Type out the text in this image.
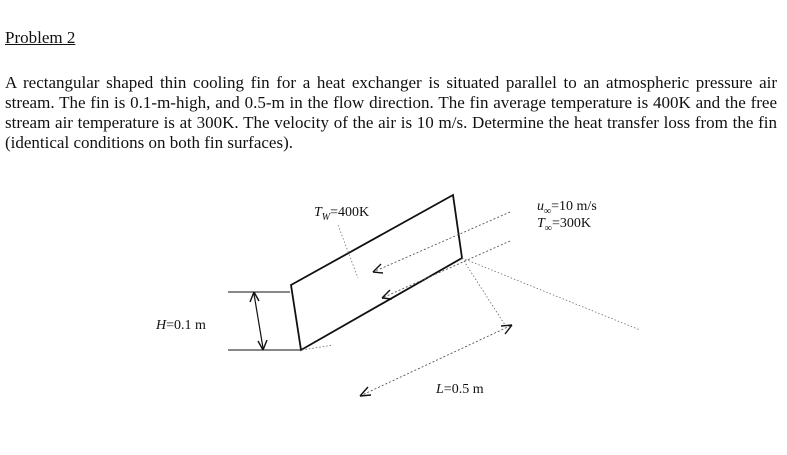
Problem 2

A rectangular shaped thin cooling fin for a heat exchanger is situated parallel to an atmospheric pressure air stream. The fin is 0.1-m-high, and 0.5-m in the flow direction. The fin average temperature is 400K and the free stream air temperature is at 300K. The velocity of the air is 10 m/s. Determine the heat transfer loss from the fin (identical conditions on both fin surfaces).

$T_W=400K$	$u_\infty=10$ m/s
$T_\infty=300K$
H=0.1 m
L=0.5 m
